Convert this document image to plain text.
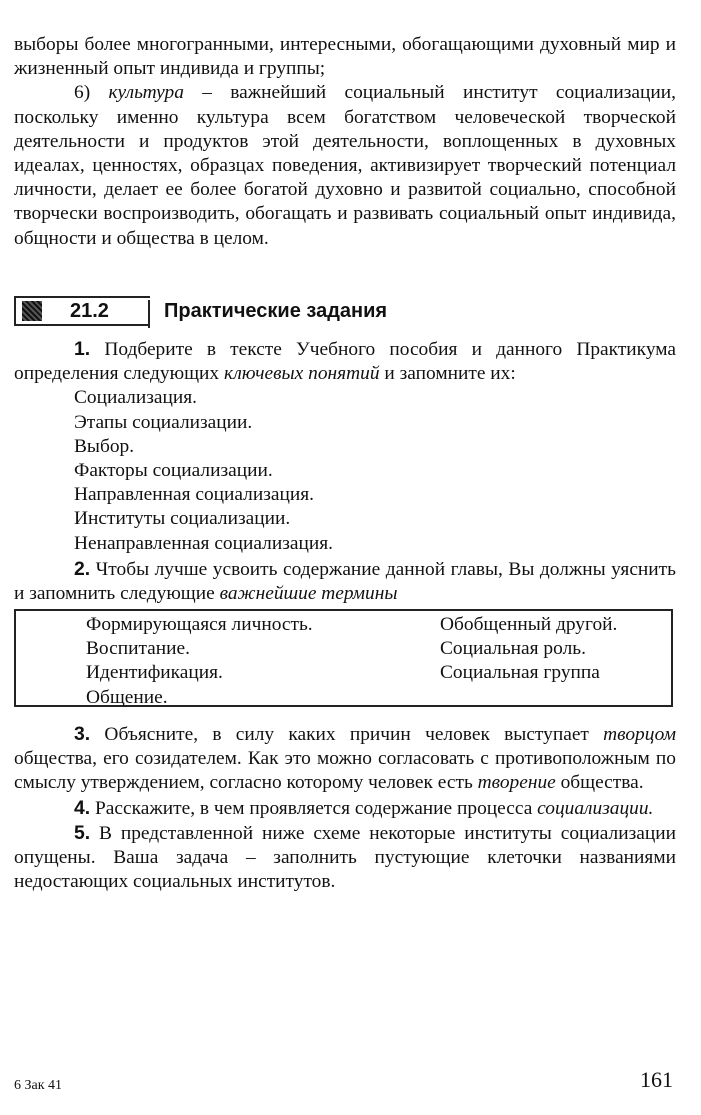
выборы более многогранными, интересными, обогащающими духовный мир и жизненный опыт индивида и группы;

6) культура – важнейший социальный институт социализации, поскольку именно культура всем богатством человеческой творческой деятельности и продуктов этой деятельности, воплощенных в духовных идеалах, ценностях, образцах поведения, активизирует творческий потенциал личности, делает ее более богатой духовно и развитой социально, способной творчески воспроизводить, обогащать и развивать социальный опыт индивида, общности и общества в целом.

21.2	Практические задания

1. Подберите в тексте Учебного пособия и данного Практикума определения следующих ключевых понятий и запомните их:

Социализация.
Этапы социализации.
Выбор.
Факторы социализации.
Направленная социализация.
Институты социализации.
Ненаправленная социализация.

2. Чтобы лучше усвоить содержание данной главы, Вы должны уяснить и запомнить следующие важнейшие термины

Формирующаяся личность.
Воспитание.
Идентификация.
Общение.
Обобщенный другой.
Социальная роль.
Социальная группа

3. Объясните, в силу каких причин человек выступает творцом общества, его созидателем. Как это можно согласовать с противоположным по смыслу утверждением, согласно которому человек есть творение общества.

4. Расскажите, в чем проявляется содержание процесса социализации.

5. В представленной ниже схеме некоторые институты социализации опущены. Ваша задача – заполнить пустующие клеточки названиями недостающих социальных институтов.

6 Зак 41	161
